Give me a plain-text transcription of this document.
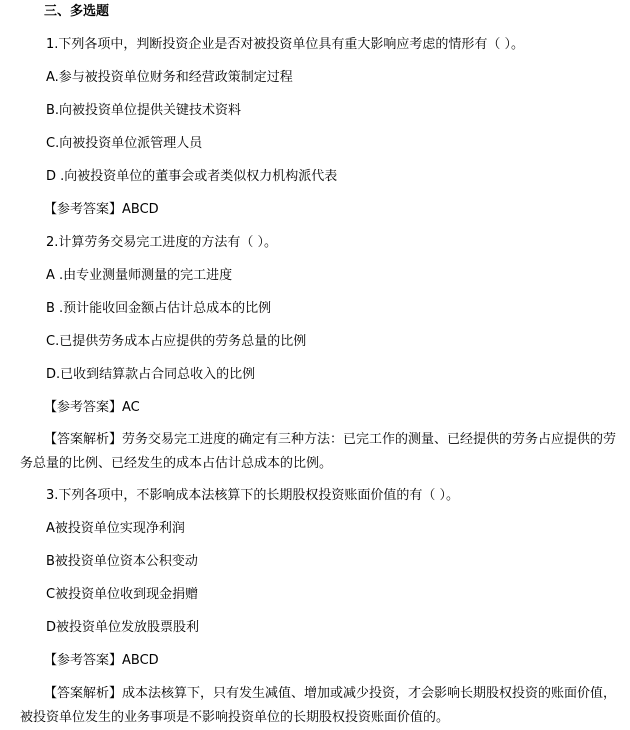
三、多选题
1.下列各项中，判断投资企业是否对被投资单位具有重大影响应考虑的情形有（ ）。
A.参与被投资单位财务和经营政策制定过程
B.向被投资单位提供关键技术资料
C.向被投资单位派管理人员
D .向被投资单位的董事会或者类似权力机构派代表
【参考答案】ABCD
2.计算劳务交易完工进度的方法有（ ）。
A .由专业测量师测量的完工进度
B .预计能收回金额占估计总成本的比例
C.已提供劳务成本占应提供的劳务总量的比例
D.已收到结算款占合同总收入的比例
【参考答案】AC
【答案解析】劳务交易完工进度的确定有三种方法：已完工作的测量、已经提供的劳务占应提供的劳务总量的比例、已经发生的成本占估计总成本的比例。
3.下列各项中，不影响成本法核算下的长期股权投资账面价值的有（ ）。
A被投资单位实现净利润
B被投资单位资本公积变动
C被投资单位收到现金捐赠
D被投资单位发放股票股利
【参考答案】ABCD
【答案解析】成本法核算下，只有发生减值、增加或减少投资，才会影响长期股权投资的账面价值，被投资单位发生的业务事项是不影响投资单位的长期股权投资账面价值的。
